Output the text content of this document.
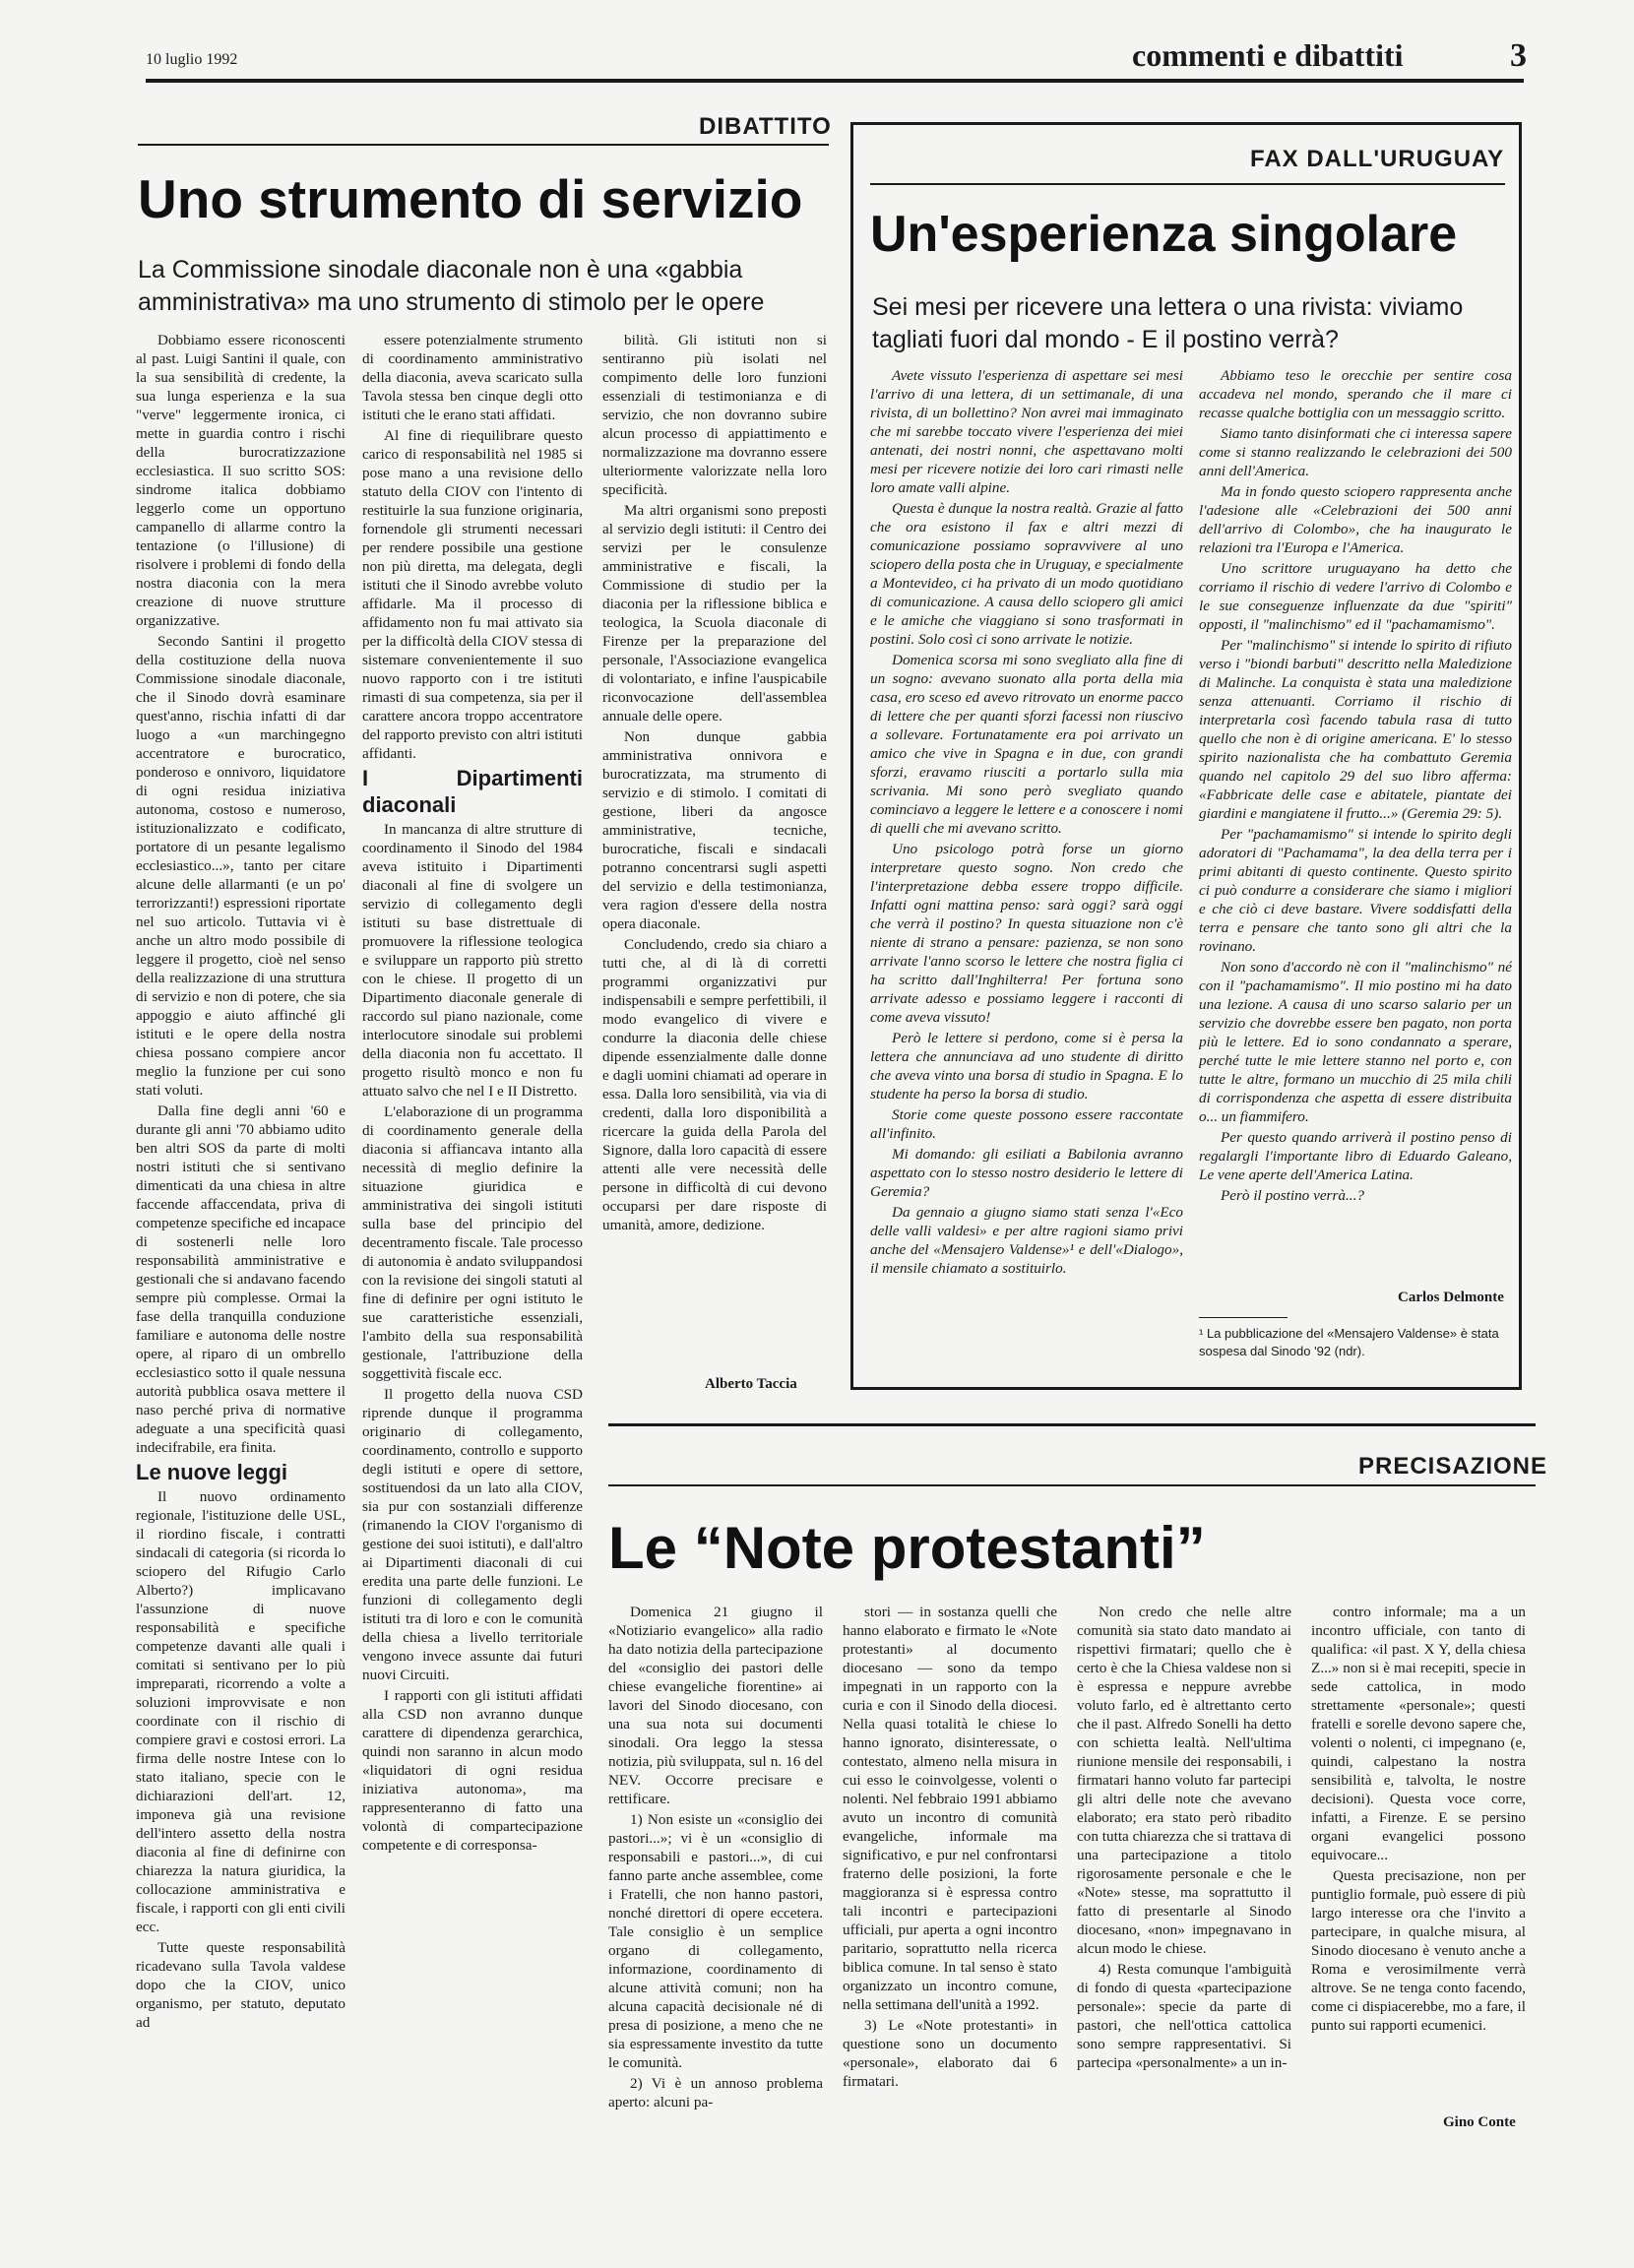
10 luglio 1992	commenti e dibattiti	3
DIBATTITO
Uno strumento di servizio
La Commissione sinodale diaconale non è una «gabbia amministrativa» ma uno strumento di stimolo per le opere

Dobbiamo essere riconoscenti al past. Luigi Santini il quale, con la sua sensibilità di credente, la sua lunga esperienza e la sua "verve" leggermente ironica, ci mette in guardia contro i rischi della burocratizzazione ecclesiastica. Il suo scritto SOS: sindrome italica dobbiamo leggerlo come un opportuno campanello di allarme contro la tentazione (o l'illusione) di risolvere i problemi di fondo della nostra diaconia con la mera creazione di nuove strutture organizzative.

Secondo Santini il progetto della costituzione della nuova Commissione sinodale diaconale, che il Sinodo dovrà esaminare quest'anno, rischia infatti di dar luogo a «un marchingegno accentratore e burocratico, ponderoso e onnivoro, liquidatore di ogni residua iniziativa autonoma, costoso e numeroso, istituzionalizzato e codificato, portatore di un pesante legalismo ecclesiastico...», tanto per citare alcune delle allarmanti (e un po' terrorizzanti!) espressioni riportate nel suo articolo. Tuttavia vi è anche un altro modo possibile di leggere il progetto, cioè nel senso della realizzazione di una struttura di servizio e non di potere, che sia appoggio e aiuto affinché gli istituti e le opere della nostra chiesa possano compiere ancor meglio la funzione per cui sono stati voluti.

Dalla fine degli anni '60 e durante gli anni '70 abbiamo udito ben altri SOS da parte di molti nostri istituti che si sentivano dimenticati da una chiesa in altre faccende affaccendata, priva di competenze specifiche ed incapace di sostenerli nelle loro responsabilità amministrative e gestionali che si andavano facendo sempre più complesse. Ormai la fase della tranquilla conduzione familiare e autonoma delle nostre opere, al riparo di un ombrello ecclesiastico sotto il quale nessuna autorità pubblica osava mettere il naso perché priva di normative adeguate a una specificità quasi indecifrabile, era finita.

Le nuove leggi

Il nuovo ordinamento regionale, l'istituzione delle USL, il riordino fiscale, i contratti sindacali di categoria (si ricorda lo sciopero del Rifugio Carlo Alberto?) implicavano l'assunzione di nuove responsabilità e specifiche competenze davanti alle quali i comitati si sentivano per lo più impreparati, ricorrendo a volte a soluzioni improvvisate e non coordinate con il rischio di compiere gravi e costosi errori. La firma delle nostre Intese con lo stato italiano, specie con le dichiarazioni dell'art. 12, imponeva già una revisione dell'intero assetto della nostra diaconia al fine di definirne con chiarezza la natura giuridica, la collocazione amministrativa e fiscale, i rapporti con gli enti civili ecc.

Tutte queste responsabilità ricadevano sulla Tavola valdese dopo che la CIOV, unico organismo, per statuto, deputato ad

essere potenzialmente strumento di coordinamento amministrativo della diaconia, aveva scaricato sulla Tavola stessa ben cinque degli otto istituti che le erano stati affidati.

Al fine di riequilibrare questo carico di responsabilità nel 1985 si pose mano a una revisione dello statuto della CIOV con l'intento di restituirle la sua funzione originaria, fornendole gli strumenti necessari per rendere possibile una gestione non più diretta, ma delegata, degli istituti che il Sinodo avrebbe voluto affidarle. Ma il processo di affidamento non fu mai attivato sia per la difficoltà della CIOV stessa di sistemare convenientemente il suo nuovo rapporto con i tre istituti rimasti di sua competenza, sia per il carattere ancora troppo accentratore del rapporto previsto con altri istituti affidanti.

I Dipartimenti diaconali

In mancanza di altre strutture di coordinamento il Sinodo del 1984 aveva istituito i Dipartimenti diaconali al fine di svolgere un servizio di collegamento degli istituti su base distrettuale di promuovere la riflessione teologica e sviluppare un rapporto più stretto con le chiese. Il progetto di un Dipartimento diaconale generale di raccordo sul piano nazionale, come interlocutore sinodale sui problemi della diaconia non fu accettato. Il progetto risultò monco e non fu attuato salvo che nel I e II Distretto.

L'elaborazione di un programma di coordinamento generale della diaconia si affiancava intanto alla necessità di meglio definire la situazione giuridica e amministrativa dei singoli istituti sulla base del principio del decentramento fiscale. Tale processo di autonomia è andato sviluppandosi con la revisione dei singoli statuti al fine di definire per ogni istituto le sue caratteristiche essenziali, l'ambito della sua responsabilità gestionale, l'attribuzione della soggettività fiscale ecc.

Il progetto della nuova CSD riprende dunque il programma originario di collegamento, coordinamento, controllo e supporto degli istituti e opere di settore, sostituendosi da un lato alla CIOV, sia pur con sostanziali differenze (rimanendo la CIOV l'organismo di gestione dei suoi istituti), e dall'altro ai Dipartimenti diaconali di cui eredita una parte delle funzioni. Le funzioni di collegamento degli istituti tra di loro e con le comunità della chiesa a livello territoriale vengono invece assunte dai futuri nuovi Circuiti.

I rapporti con gli istituti affidati alla CSD non avranno dunque carattere di dipendenza gerarchica, quindi non saranno in alcun modo «liquidatori di ogni residua iniziativa autonoma», ma rappresenteranno di fatto una volontà di compartecipazione competente e di corresponsa-

bilità. Gli istituti non si sentiranno più isolati nel compimento delle loro funzioni essenziali di testimonianza e di servizio, che non dovranno subire alcun processo di appiattimento e normalizzazione ma dovranno essere ulteriormente valorizzate nella loro specificità.

Ma altri organismi sono preposti al servizio degli istituti: il Centro dei servizi per le consulenze amministrative e fiscali, la Commissione di studio per la diaconia per la riflessione biblica e teologica, la Scuola diaconale di Firenze per la preparazione del personale, l'Associazione evangelica di volontariato, e infine l'auspicabile riconvocazione dell'assemblea annuale delle opere.

Non dunque gabbia amministrativa onnivora e burocratizzata, ma strumento di servizio e di stimolo. I comitati di gestione, liberi da angosce amministrative, tecniche, burocratiche, fiscali e sindacali potranno concentrarsi sugli aspetti del servizio e della testimonianza, vera ragion d'essere della nostra opera diaconale.

Concludendo, credo sia chiaro a tutti che, al di là di corretti programmi organizzativi pur indispensabili e sempre perfettibili, il modo evangelico di vivere e condurre la diaconia delle chiese dipende essenzialmente dalle donne e dagli uomini chiamati ad operare in essa. Dalla loro sensibilità, via via di credenti, dalla loro disponibilità a ricercare la guida della Parola del Signore, dalla loro capacità di essere attenti alle vere necessità delle persone in difficoltà di cui devono occuparsi per dare risposte di umanità, amore, dedizione.

Alberto Taccia
FAX DALL'URUGUAY
Un'esperienza singolare
Sei mesi per ricevere una lettera o una rivista: viviamo tagliati fuori dal mondo - E il postino verrà?

Avete vissuto l'esperienza di aspettare sei mesi l'arrivo di una lettera, di un settimanale, di una rivista, di un bollettino? Non avrei mai immaginato che mi sarebbe toccato vivere l'esperienza dei miei antenati, dei nostri nonni, che aspettavano molti mesi per ricevere notizie dei loro cari rimasti nelle loro amate valli alpine.

Questa è dunque la nostra realtà. Grazie al fatto che ora esistono il fax e altri mezzi di comunicazione possiamo sopravvivere al uno sciopero della posta che in Uruguay, e specialmente a Montevideo, ci ha privato di un modo quotidiano di comunicazione. A causa dello sciopero gli amici e le amiche che viaggiano si sono trasformati in postini. Solo così ci sono arrivate le notizie.

Domenica scorsa mi sono svegliato alla fine di un sogno: avevano suonato alla porta della mia casa, ero sceso ed avevo ritrovato un enorme pacco di lettere che per quanti sforzi facessi non riuscivo a sollevare. Fortunatamente era poi arrivato un amico che vive in Spagna e in due, con grandi sforzi, eravamo riusciti a portarlo sulla mia scrivania. Mi sono però svegliato quando cominciavo a leggere le lettere e a conoscere i nomi di quelli che mi avevano scritto.

Uno psicologo potrà forse un giorno interpretare questo sogno. Non credo che l'interpretazione debba essere troppo difficile. Infatti ogni mattina penso: sarà oggi? sarà oggi che verrà il postino? In questa situazione non c'è niente di strano a pensare: pazienza, se non sono arrivate l'anno scorso le lettere che nostra figlia ci ha scritto dall'Inghilterra! Per fortuna sono arrivate adesso e possiamo leggere i racconti di come aveva vissuto!

Però le lettere si perdono, come si è persa la lettera che annunciava ad uno studente di diritto che aveva vinto una borsa di studio in Spagna. E lo studente ha perso la borsa di studio.

Storie come queste possono essere raccontate all'infinito.

Mi domando: gli esiliati a Babilonia avranno aspettato con lo stesso nostro desiderio le lettere di Geremia?

Da gennaio a giugno siamo stati senza l'«Eco delle valli valdesi» e per altre ragioni siamo privi anche del «Mensajero Valdense»¹ e dell'«Dialogo», il mensile chiamato a sostituirlo.

Abbiamo teso le orecchie per sentire cosa accadeva nel mondo, sperando che il mare ci recasse qualche bottiglia con un messaggio scritto.

Siamo tanto disinformati che ci interessa sapere come si stanno realizzando le celebrazioni dei 500 anni dell'America.

Ma in fondo questo sciopero rappresenta anche l'adesione alle «Celebrazioni dei 500 anni dell'arrivo di Colombo», che ha inaugurato le relazioni tra l'Europa e l'America.

Uno scrittore uruguayano ha detto che corriamo il rischio di vedere l'arrivo di Colombo e le sue conseguenze influenzate da due "spiriti" opposti, il "malinchismo" ed il "pachamamismo".

Per "malinchismo" si intende lo spirito di rifiuto verso i "biondi barbuti" descritto nella Maledizione di Malinche. La conquista è stata una maledizione senza attenuanti. Corriamo il rischio di interpretarla così facendo tabula rasa di tutto quello che non è di origine americana. E' lo stesso spirito nazionalista che ha combattuto Geremia quando nel capitolo 29 del suo libro afferma: «Fabbricate delle case e abitatele, piantate dei giardini e mangiatene il frutto...» (Geremia 29: 5).

Per "pachamamismo" si intende lo spirito degli adoratori di "Pachamama", la dea della terra per i primi abitanti di questo continente. Questo spirito ci può condurre a considerare che siamo i migliori e che ciò ci deve bastare. Vivere soddisfatti della terra e pensare che tanto sono gli altri che la rovinano.

Non sono d'accordo nè con il "malinchismo" né con il "pachamamismo". Il mio postino mi ha dato una lezione. A causa di uno scarso salario per un servizio che dovrebbe essere ben pagato, non porta più le lettere. Ed io sono condannato a sperare, perché tutte le mie lettere stanno nel porto e, con tutte le altre, formano un mucchio di 25 mila chili di corrispondenza che aspetta di essere distribuita o... un fiammifero.

Per questo quando arriverà il postino penso di regalargli l'importante libro di Eduardo Galeano, Le vene aperte dell'America Latina.

Però il postino verrà...?

Carlos Delmonte
¹ La pubblicazione del «Mensajero Valdense» è stata sospesa dal Sinodo '92 (ndr).
PRECISAZIONE
Le “Note protestanti”

Domenica 21 giugno il «Notiziario evangelico» alla radio ha dato notizia della partecipazione del «consiglio dei pastori delle chiese evangeliche fiorentine» ai lavori del Sinodo diocesano, con una sua nota sui documenti sinodali. Ora leggo la stessa notizia, più sviluppata, sul n. 16 del NEV. Occorre precisare e rettificare.

1) Non esiste un «consiglio dei pastori...»; vi è un «consiglio di responsabili e pastori...», di cui fanno parte anche assemblee, come i Fratelli, che non hanno pastori, nonché direttori di opere eccetera. Tale consiglio è un semplice organo di collegamento, informazione, coordinamento di alcune attività comuni; non ha alcuna capacità decisionale né di presa di posizione, a meno che ne sia espressamente investito da tutte le comunità.

2) Vi è un annoso problema aperto: alcuni pa-

stori — in sostanza quelli che hanno elaborato e firmato le «Note protestanti» al documento diocesano — sono da tempo impegnati in un rapporto con la curia e con il Sinodo della diocesi. Nella quasi totalità le chiese lo hanno ignorato, disinteressate, o contestato, almeno nella misura in cui esso le coinvolgesse, volenti o nolenti. Nel febbraio 1991 abbiamo avuto un incontro di comunità evangeliche, informale ma significativo, e pur nel confrontarsi fraterno delle posizioni, la forte maggioranza si è espressa contro tali incontri e partecipazioni ufficiali, pur aperta a ogni incontro paritario, soprattutto nella ricerca biblica comune. In tal senso è stato organizzato un incontro comune, nella settimana dell'unità a 1992.

3) Le «Note protestanti» in questione sono un documento «personale», elaborato dai 6 firmatari.

Non credo che nelle altre comunità sia stato dato mandato ai rispettivi firmatari; quello che è certo è che la Chiesa valdese non si è espressa e neppure avrebbe voluto farlo, ed è altrettanto certo che il past. Alfredo Sonelli ha detto con schietta lealtà. Nell'ultima riunione mensile dei responsabili, i firmatari hanno voluto far partecipi gli altri delle note che avevano elaborato; era stato però ribadito con tutta chiarezza che si trattava di una partecipazione a titolo rigorosamente personale e che le «Note» stesse, ma soprattutto il fatto di presentarle al Sinodo diocesano, «non» impegnavano in alcun modo le chiese.

4) Resta comunque l'ambiguità di fondo di questa «partecipazione personale»: specie da parte di pastori, che nell'ottica cattolica sono sempre rappresentativi. Si partecipa «personalmente» a un in-

contro informale; ma a un incontro ufficiale, con tanto di qualifica: «il past. X Y, della chiesa Z...» non si è mai recepiti, specie in sede cattolica, in modo strettamente «personale»; questi fratelli e sorelle devono sapere che, volenti o nolenti, ci impegnano (e, quindi, calpestano la nostra sensibilità e, talvolta, le nostre decisioni). Questa voce corre, infatti, a Firenze. E se persino organi evangelici possono equivocare...

Questa precisazione, non per puntiglio formale, può essere di più largo interesse ora che l'invito a partecipare, in qualche misura, al Sinodo diocesano è venuto anche a Roma e verosimilmente verrà altrove. Se ne tenga conto facendo, come ci dispiacerebbe, mo a fare, il punto sui rapporti ecumenici.

Gino Conte
